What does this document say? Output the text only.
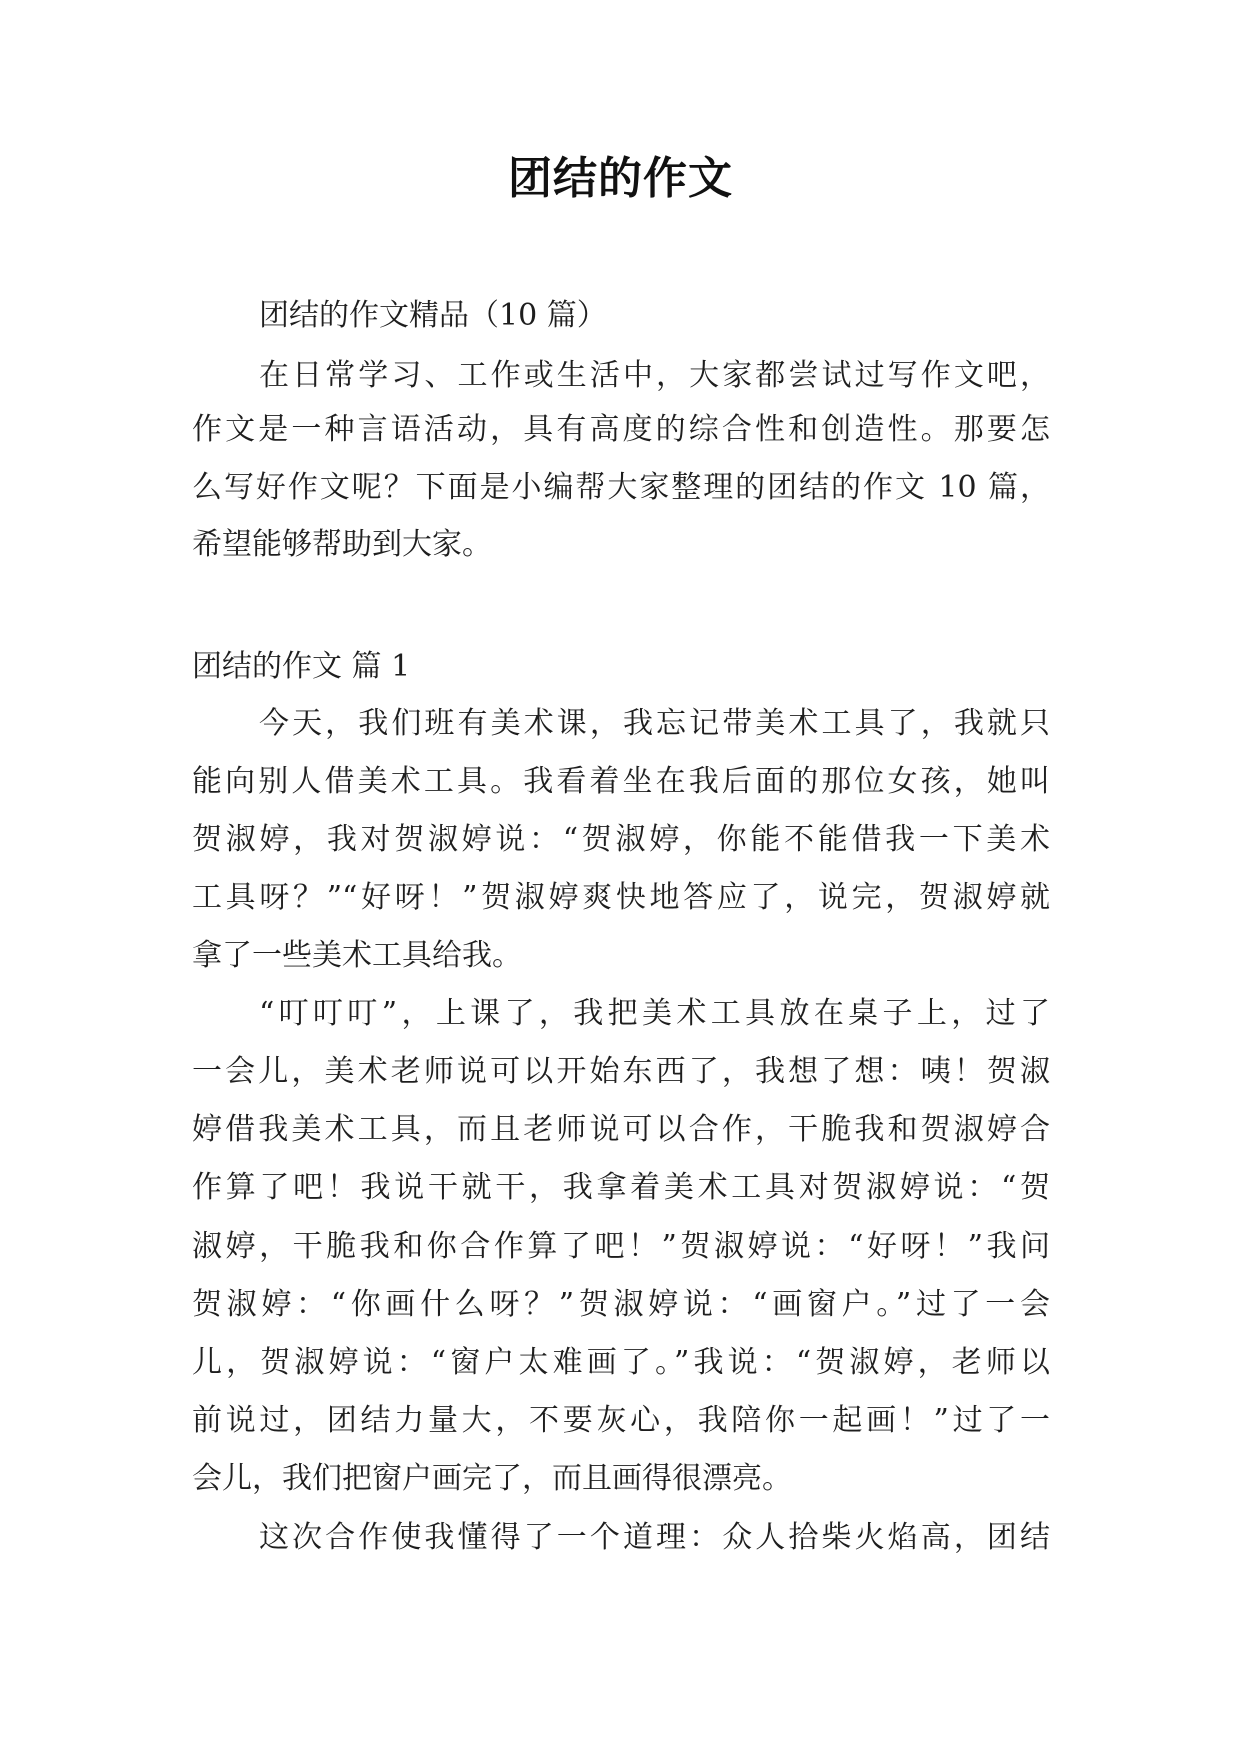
团结的作文
团结的作文精品（10 篇）
在日常学习、工作或生活中，大家都尝试过写作文吧，
作文是一种言语活动，具有高度的综合性和创造性。那要怎
么写好作文呢？下面是小编帮大家整理的团结的作文 10 篇，
希望能够帮助到大家。
团结的作文 篇 1
今天，我们班有美术课，我忘记带美术工具了，我就只
能向别人借美术工具。我看着坐在我后面的那位女孩，她叫
贺淑婷，我对贺淑婷说：“贺淑婷，你能不能借我一下美术
工具呀？”“好呀！”贺淑婷爽快地答应了，说完，贺淑婷就
拿了一些美术工具给我。
“叮叮叮”，上课了，我把美术工具放在桌子上，过了
一会儿，美术老师说可以开始东西了，我想了想：咦！贺淑
婷借我美术工具，而且老师说可以合作，干脆我和贺淑婷合
作算了吧！我说干就干，我拿着美术工具对贺淑婷说：“贺
淑婷，干脆我和你合作算了吧！”贺淑婷说：“好呀！”我问
贺淑婷：“你画什么呀？”贺淑婷说：“画窗户。”过了一会
儿，贺淑婷说：“窗户太难画了。”我说：“贺淑婷，老师以
前说过，团结力量大，不要灰心，我陪你一起画！”过了一
会儿，我们把窗户画完了，而且画得很漂亮。
这次合作使我懂得了一个道理：众人拾柴火焰高，团结
